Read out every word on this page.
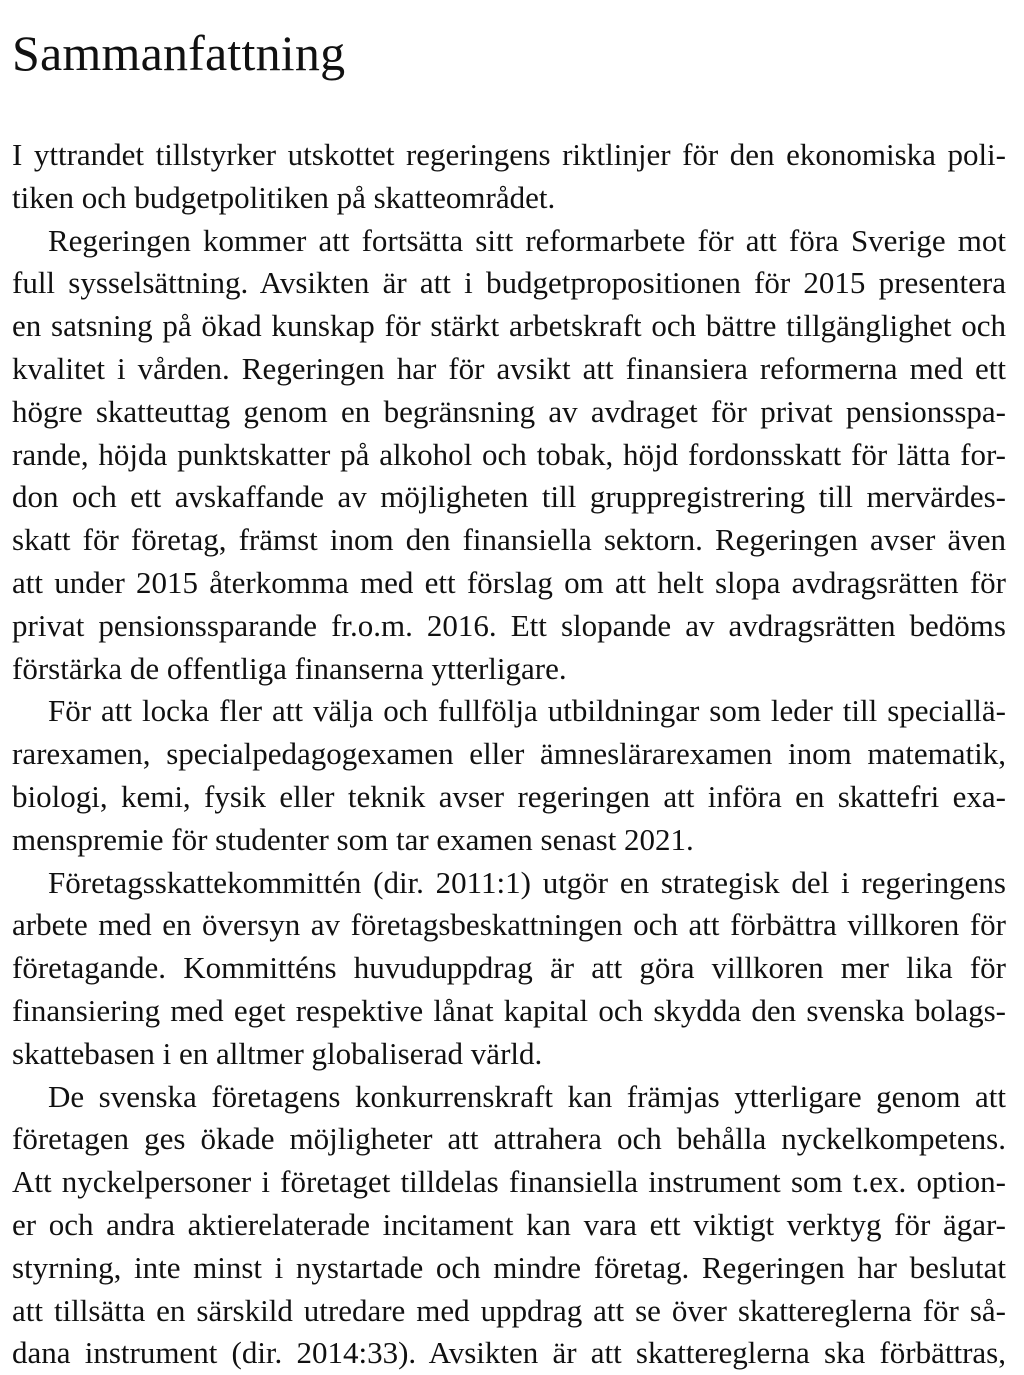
Sammanfattning
I yttrandet tillstyrker utskottet regeringens riktlinjer för den ekonomiska poli-
tiken och budgetpolitiken på skatteområdet.
Regeringen kommer att fortsätta sitt reformarbete för att föra Sverige mot
full sysselsättning. Avsikten är att i budgetpropositionen för 2015 presentera
en satsning på ökad kunskap för stärkt arbetskraft och bättre tillgänglighet och
kvalitet i vården. Regeringen har för avsikt att finansiera reformerna med ett
högre skatteuttag genom en begränsning av avdraget för privat pensionsspa-
rande, höjda punktskatter på alkohol och tobak, höjd fordonsskatt för lätta for-
don och ett avskaffande av möjligheten till gruppregistrering till mervärdes-
skatt för företag, främst inom den finansiella sektorn. Regeringen avser även
att under 2015 återkomma med ett förslag om att helt slopa avdragsrätten för
privat pensionssparande fr.o.m. 2016. Ett slopande av avdragsrätten bedöms
förstärka de offentliga finanserna ytterligare.
För att locka fler att välja och fullfölja utbildningar som leder till speciallä-
rarexamen, specialpedagogexamen eller ämneslärarexamen inom matematik,
biologi, kemi, fysik eller teknik avser regeringen att införa en skattefri exa-
menspremie för studenter som tar examen senast 2021.
Företagsskattekommittén (dir. 2011:1) utgör en strategisk del i regeringens
arbete med en översyn av företagsbeskattningen och att förbättra villkoren för
företagande. Kommitténs huvuduppdrag är att göra villkoren mer lika för
finansiering med eget respektive lånat kapital och skydda den svenska bolags-
skattebasen i en alltmer globaliserad värld.
De svenska företagens konkurrenskraft kan främjas ytterligare genom att
företagen ges ökade möjligheter att attrahera och behålla nyckelkompetens.
Att nyckelpersoner i företaget tilldelas finansiella instrument som t.ex. option-
er och andra aktierelaterade incitament kan vara ett viktigt verktyg för ägar-
styrning, inte minst i nystartade och mindre företag. Regeringen har beslutat
att tillsätta en särskild utredare med uppdrag att se över skattereglerna för så-
dana instrument (dir. 2014:33). Avsikten är att skattereglerna ska förbättras,
